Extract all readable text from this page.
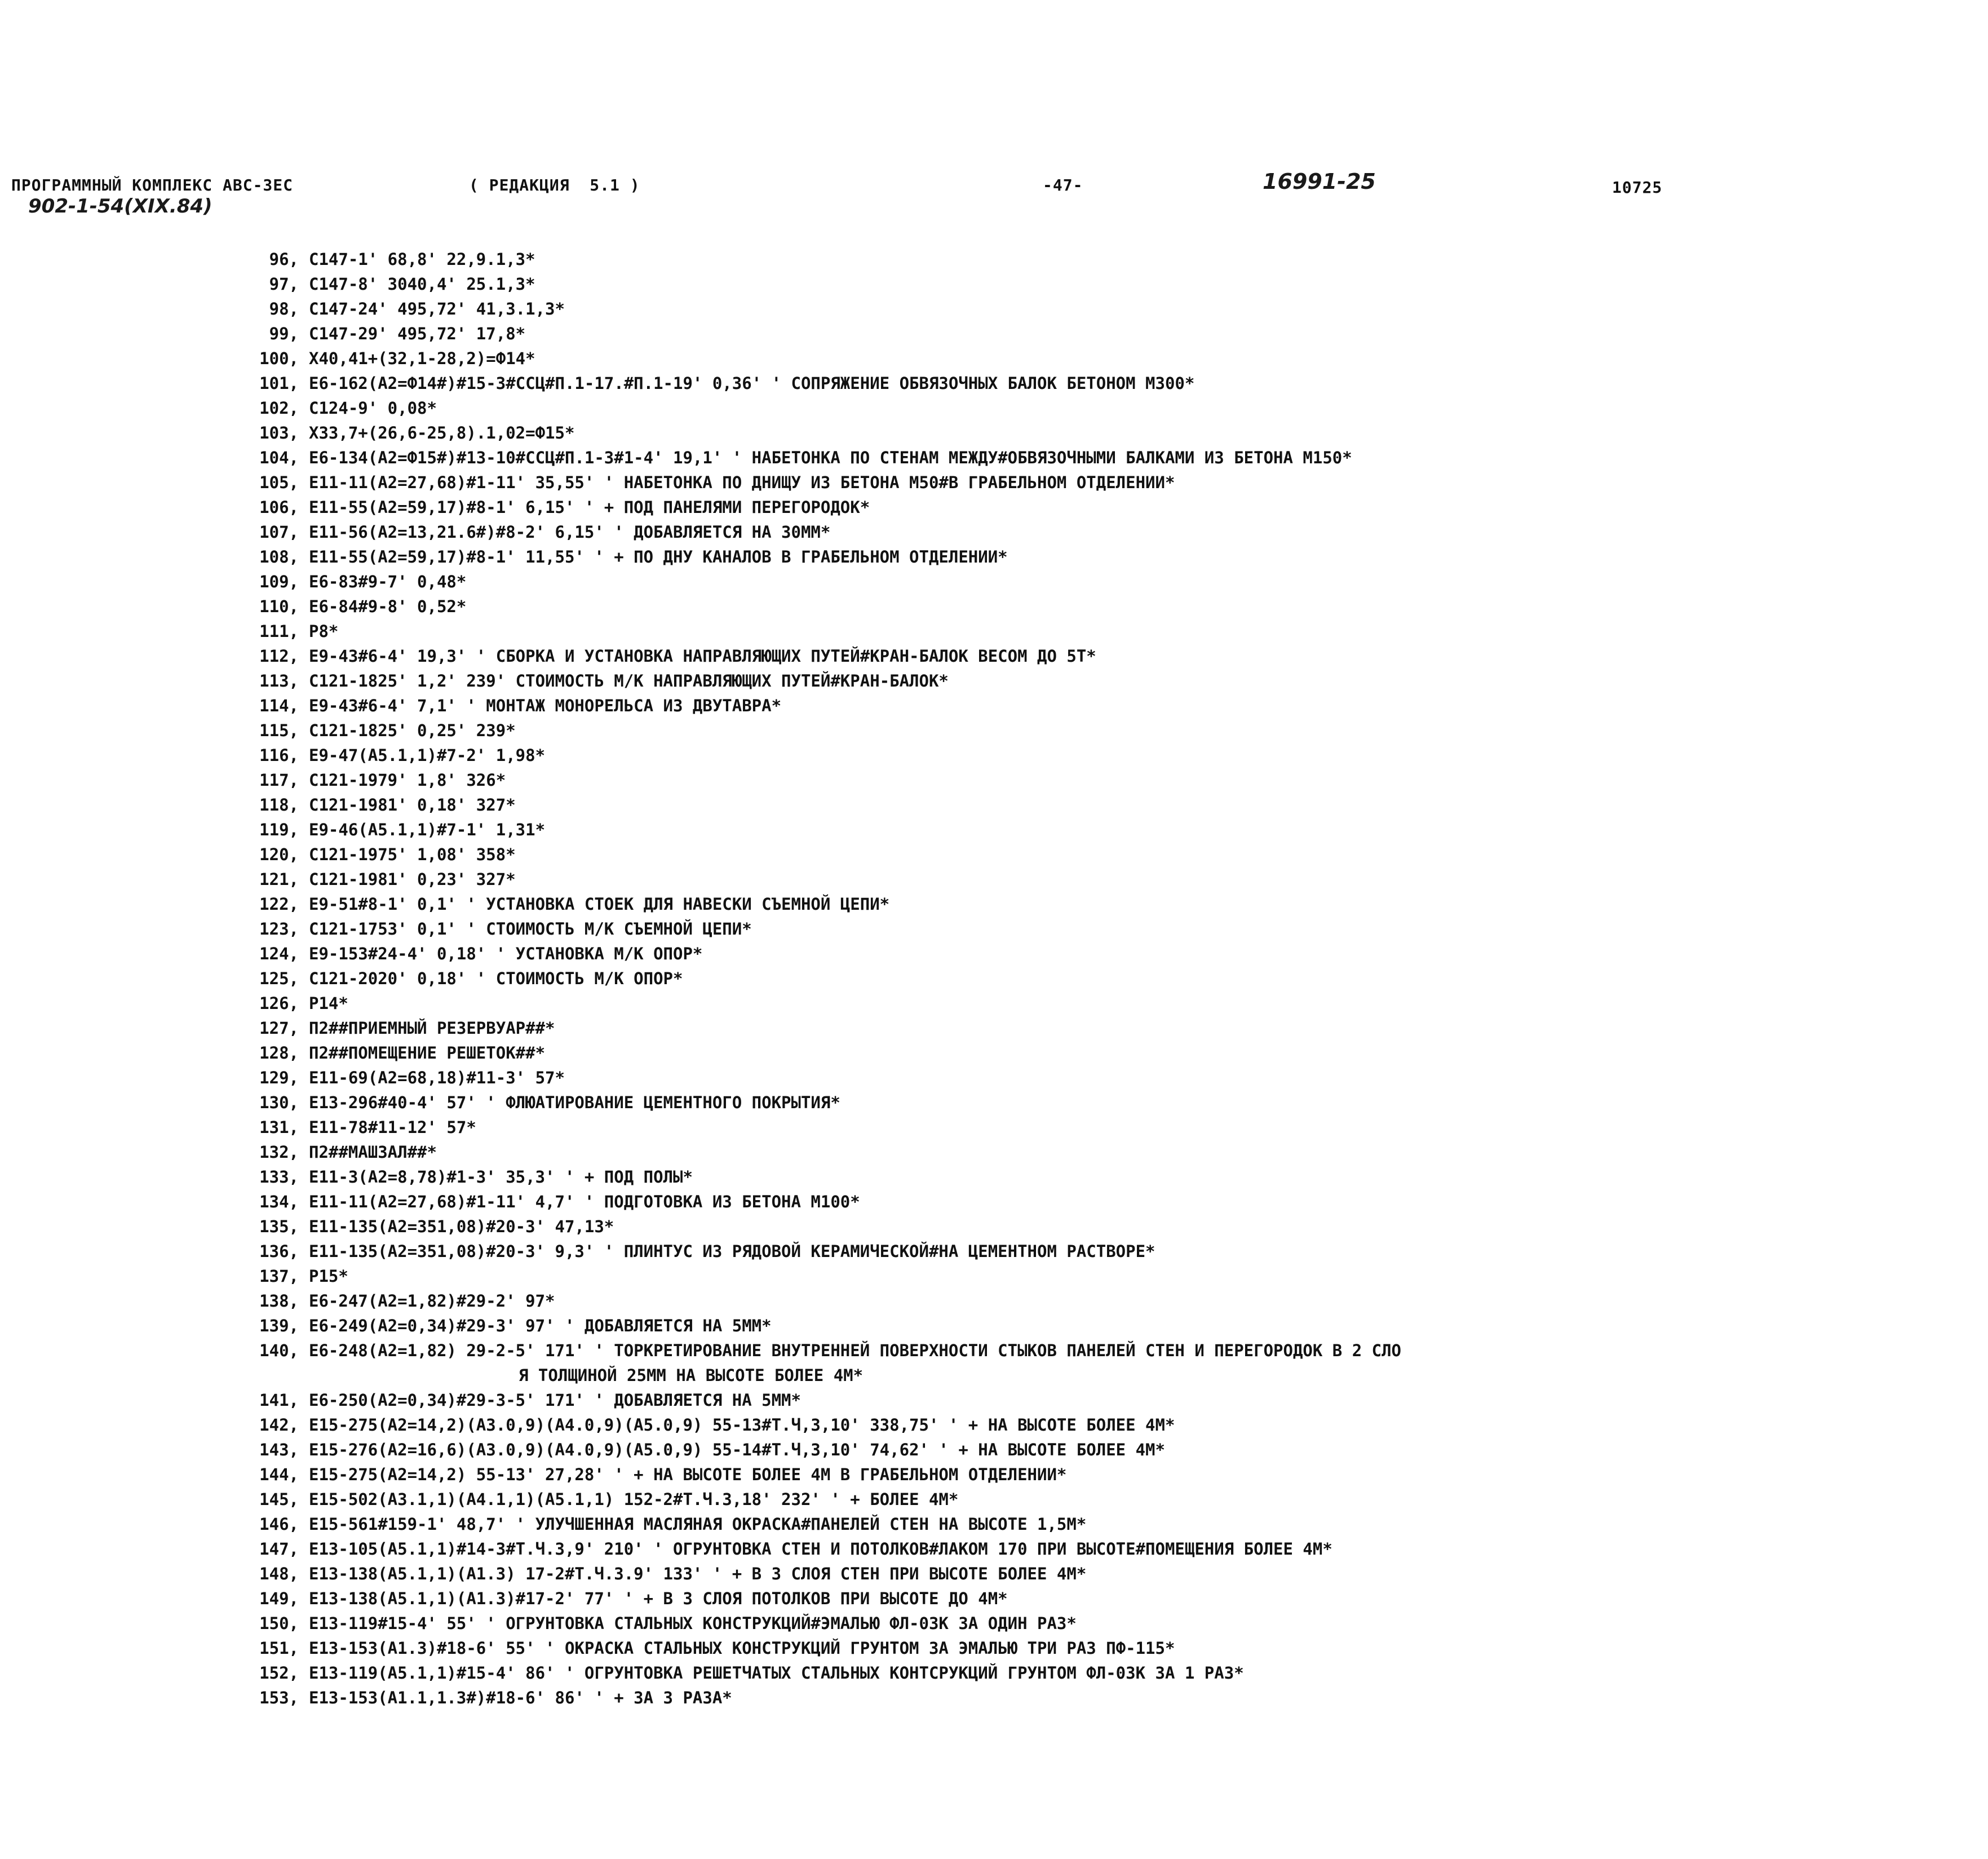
ПРОГРАММНЫЙ КОМПЛЕКС АВС-3ЕС	( РЕДАКЦИЯ  5.1 )	-47-	16991-25	10725
902-1-54(XIX.84)
96, С147-1' 68,8' 22,9.1,3*
97, С147-8' 3040,4' 25.1,3*
98, С147-24' 495,72' 41,3.1,3*
99, С147-29' 495,72' 17,8*
100, Х40,41+(32,1-28,2)=Ф14*
101, Е6-162(А2=Ф14#)#15-3#ССЦ#П.1-17.#П.1-19' 0,36' ' СОПРЯЖЕНИЕ ОБВЯЗОЧНЫХ БАЛОК БЕТОНОМ М300*
102, С124-9' 0,08*
103, Х33,7+(26,6-25,8).1,02=Ф15*
104, Е6-134(А2=Ф15#)#13-10#ССЦ#П.1-3#1-4' 19,1' ' НАБЕТОНКА ПО СТЕНАМ МЕЖДУ#ОБВЯЗОЧНЫМИ БАЛКАМИ ИЗ БЕТОНА М150*
105, Е11-11(А2=27,68)#1-11' 35,55' ' НАБЕТОНКА ПО ДНИЩУ ИЗ БЕТОНА М50#В ГРАБЕЛЬНОМ ОТДЕЛЕНИИ*
106, Е11-55(А2=59,17)#8-1' 6,15' ' + ПОД ПАНЕЛЯМИ ПЕРЕГОРОДОК*
107, Е11-56(А2=13,21.6#)#8-2' 6,15' ' ДОБАВЛЯЕТСЯ НА 30ММ*
108, Е11-55(А2=59,17)#8-1' 11,55' ' + ПО ДНУ КАНАЛОВ В ГРАБЕЛЬНОМ ОТДЕЛЕНИИ*
109, Е6-83#9-7' 0,48*
110, Е6-84#9-8' 0,52*
111, Р8*
112, Е9-43#6-4' 19,3' ' СБОРКА И УСТАНОВКА НАПРАВЛЯЮЩИХ ПУТЕЙ#КРАН-БАЛОК ВЕСОМ ДО 5Т*
113, С121-1825' 1,2' 239' СТОИМОСТЬ М/К НАПРАВЛЯЮЩИХ ПУТЕЙ#КРАН-БАЛОК*
114, Е9-43#6-4' 7,1' ' МОНТАЖ МОНОРЕЛЬСА ИЗ ДВУТАВРА*
115, С121-1825' 0,25' 239*
116, Е9-47(А5.1,1)#7-2' 1,98*
117, С121-1979' 1,8' 326*
118, С121-1981' 0,18' 327*
119, Е9-46(А5.1,1)#7-1' 1,31*
120, С121-1975' 1,08' 358*
121, С121-1981' 0,23' 327*
122, Е9-51#8-1' 0,1' ' УСТАНОВКА СТОЕК ДЛЯ НАВЕСКИ СЪЕМНОЙ ЦЕПИ*
123, С121-1753' 0,1' ' СТОИМОСТЬ М/К СЪЕМНОЙ ЦЕПИ*
124, Е9-153#24-4' 0,18' ' УСТАНОВКА М/К ОПОР*
125, С121-2020' 0,18' ' СТОИМОСТЬ М/К ОПОР*
126, Р14*
127, П2##ПРИЕМНЫЙ РЕЗЕРВУАР##*
128, П2##ПОМЕЩЕНИЕ РЕШЕТОК##*
129, Е11-69(А2=68,18)#11-3' 57*
130, Е13-296#40-4' 57' ' ФЛЮАТИРОВАНИЕ ЦЕМЕНТНОГО ПОКРЫТИЯ*
131, Е11-78#11-12' 57*
132, П2##МАШЗАЛ##*
133, Е11-3(А2=8,78)#1-3' 35,3' ' + ПОД ПОЛЫ*
134, Е11-11(А2=27,68)#1-11' 4,7' ' ПОДГОТОВКА ИЗ БЕТОНА М100*
135, Е11-135(А2=351,08)#20-3' 47,13*
136, Е11-135(А2=351,08)#20-3' 9,3' ' ПЛИНТУС ИЗ РЯДОВОЙ КЕРАМИЧЕСКОЙ#НА ЦЕМЕНТНОМ РАСТВОРЕ*
137, Р15*
138, Е6-247(А2=1,82)#29-2' 97*
139, Е6-249(А2=0,34)#29-3' 97' ' ДОБАВЛЯЕТСЯ НА 5ММ*
140, Е6-248(А2=1,82) 29-2-5' 171' ' ТОРКРЕТИРОВАНИЕ ВНУТРЕННЕЙ ПОВЕРХНОСТИ СТЫКОВ ПАНЕЛЕЙ СТЕН И ПЕРЕГОРОДОК В 2 СЛО
Я ТОЛЩИНОЙ 25ММ НА ВЫСОТЕ БОЛЕЕ 4М*
141, Е6-250(А2=0,34)#29-3-5' 171' ' ДОБАВЛЯЕТСЯ НА 5ММ*
142, Е15-275(А2=14,2)(А3.0,9)(А4.0,9)(А5.0,9) 55-13#Т.Ч,3,10' 338,75' ' + НА ВЫСОТЕ БОЛЕЕ 4М*
143, Е15-276(А2=16,6)(А3.0,9)(А4.0,9)(А5.0,9) 55-14#Т.Ч,3,10' 74,62' ' + НА ВЫСОТЕ БОЛЕЕ 4М*
144, Е15-275(А2=14,2) 55-13' 27,28' ' + НА ВЫСОТЕ БОЛЕЕ 4М В ГРАБЕЛЬНОМ ОТДЕЛЕНИИ*
145, Е15-502(А3.1,1)(А4.1,1)(А5.1,1) 152-2#Т.Ч.3,18' 232' ' + БОЛЕЕ 4М*
146, Е15-561#159-1' 48,7' ' УЛУЧШЕННАЯ МАСЛЯНАЯ ОКРАСКА#ПАНЕЛЕЙ СТЕН НА ВЫСОТЕ 1,5М*
147, Е13-105(А5.1,1)#14-3#Т.Ч.3,9' 210' ' ОГРУНТОВКА СТЕН И ПОТОЛКОВ#ЛАКОМ 170 ПРИ ВЫСОТЕ#ПОМЕЩЕНИЯ БОЛЕЕ 4М*
148, Е13-138(А5.1,1)(А1.3) 17-2#Т.Ч.3.9' 133' ' + В 3 СЛОЯ СТЕН ПРИ ВЫСОТЕ БОЛЕЕ 4М*
149, Е13-138(А5.1,1)(А1.3)#17-2' 77' ' + В 3 СЛОЯ ПОТОЛКОВ ПРИ ВЫСОТЕ ДО 4М*
150, Е13-119#15-4' 55' ' ОГРУНТОВКА СТАЛЬНЫХ КОНСТРУКЦИЙ#ЭМАЛЬЮ ФЛ-03К ЗА ОДИН РАЗ*
151, Е13-153(А1.3)#18-6' 55' ' ОКРАСКА СТАЛЬНЫХ КОНСТРУКЦИЙ ГРУНТОМ ЗА ЭМАЛЬЮ ТРИ РАЗ ПФ-115*
152, Е13-119(А5.1,1)#15-4' 86' ' ОГРУНТОВКА РЕШЕТЧАТЫХ СТАЛЬНЫХ КОНТСРУКЦИЙ ГРУНТОМ ФЛ-03К ЗА 1 РАЗ*
153, Е13-153(А1.1,1.3#)#18-6' 86' ' + ЗА 3 РАЗА*
